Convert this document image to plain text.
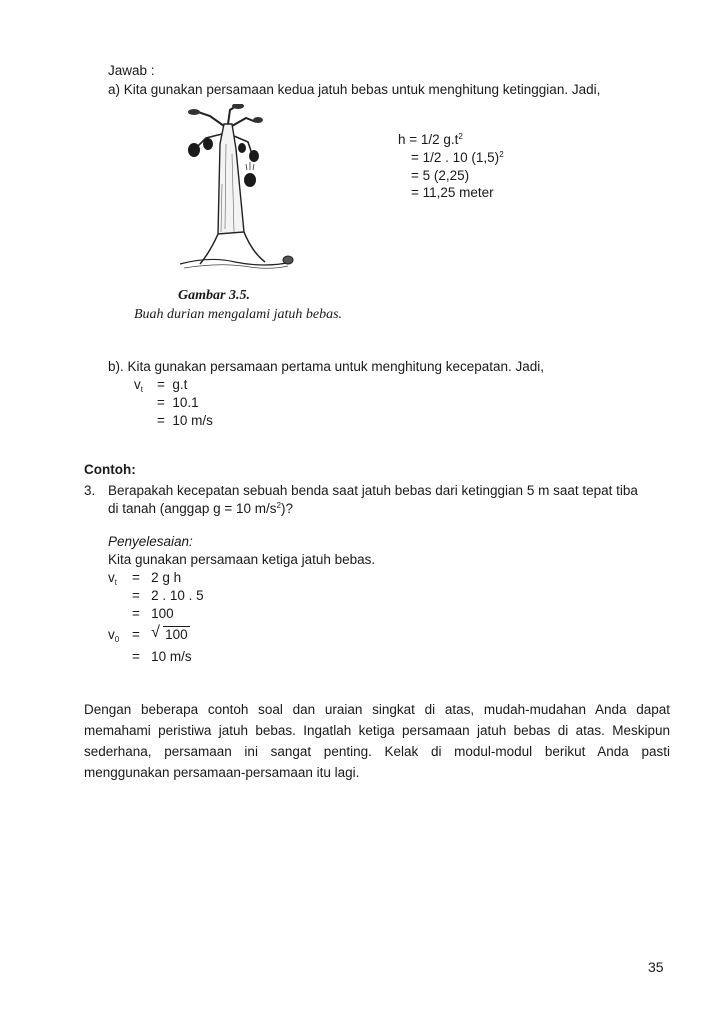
Jawab :
a) Kita gunakan persamaan kedua jatuh bebas untuk menghitung ketinggian. Jadi,
h = 1/2 $g.t^2$
= 1/2 . 10 $(1,5)^2$
= 5 (2,25)
= 11,25 meter
Gambar 3.5.
Buah durian mengalami jatuh bebas.
b). Kita gunakan persamaan pertama untuk menghitung kecepatan. Jadi,
$v_t = g.t$
= 10.1
= 10 m/s
Contoh:
3. Berapakah kecepatan sebuah benda saat jatuh bebas dari ketinggian 5 m saat tepat tiba
di tanah (anggap g = 10 $m/s^2$)?
Penyelesaian:
Kita gunakan persamaan ketiga jatuh bebas.
$v_t = 2$ g h
= 2 . 10 . 5
= 100
$v_0$ = √ 100
= 10 m/s
Dengan beberapa contoh soal dan uraian singkat di atas, mudah-mudahan Anda dapat
memahami peristiwa jatuh bebas. Ingatlah ketiga persamaan jatuh bebas di atas. Meskipun
sederhana, persamaan ini sangat penting. Kelak di modul-modul berikut Anda pasti
menggunakan persamaan-persamaan itu lagi.
35
